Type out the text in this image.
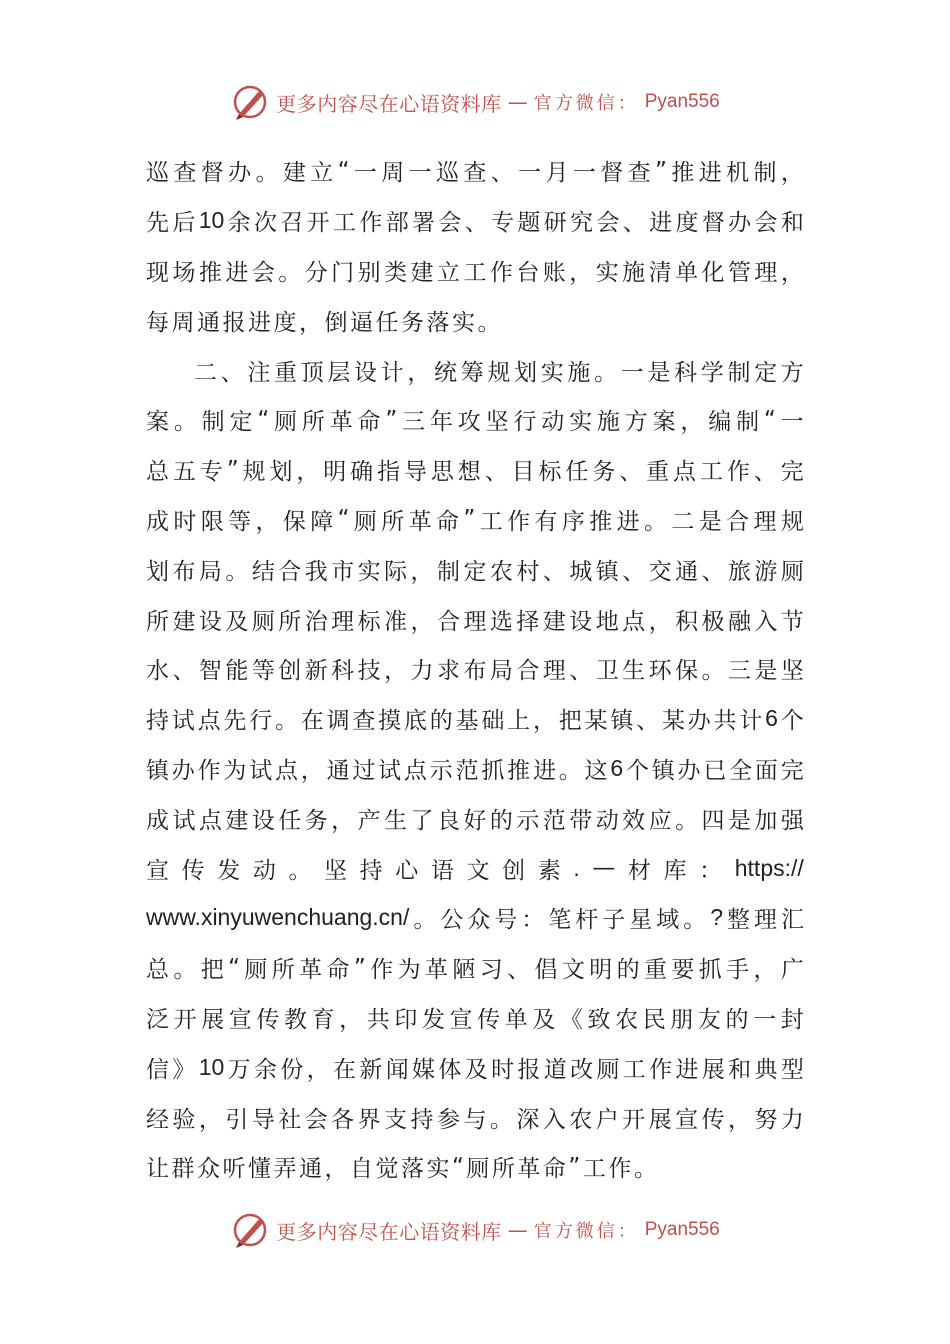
更多内容尽在心语资料库 — 官方微信： Pyan556
巡 查 督 办 。 建 立 “ 一 周 一 巡 查 、 一 月 一 督 查 ” 推 进 机 制 ，
先 后 10 余 次 召 开 工 作 部 署 会 、 专 题 研 究 会 、 进 度 督 办 会 和
现 场 推 进 会 。 分 门 别 类 建 立 工 作 台 账 ， 实 施 清 单 化 管 理 ，
每 周 通 报 进 度 ， 倒 逼 任 务 落 实 。
二 、 注 重 顶 层 设 计 ， 统 筹 规 划 实 施 。 一 是 科 学 制 定 方
案 。 制 定 “ 厕 所 革 命 ” 三 年 攻 坚 行 动 实 施 方 案 ， 编 制 “ 一
总 五 专 ” 规 划 ， 明 确 指 导 思 想 、 目 标 任 务 、 重 点 工 作 、 完
成 时 限 等 ， 保 障 “ 厕 所 革 命 ” 工 作 有 序 推 进 。 二 是 合 理 规
划 布 局 。 结 合 我 市 实 际 ， 制 定 农 村 、 城 镇 、 交 通 、 旅 游 厕
所 建 设 及 厕 所 治 理 标 准 ， 合 理 选 择 建 设 地 点 ， 积 极 融 入 节
水 、 智 能 等 创 新 科 技 ， 力 求 布 局 合 理 、 卫 生 环 保 。 三 是 坚
持 试 点 先 行 。 在 调 查 摸 底 的 基 础 上 ， 把 某 镇 、 某 办 共 计 6 个
镇 办 作 为 试 点 ， 通 过 试 点 示 范 抓 推 进 。 这 6 个 镇 办 已 全 面 完
成 试 点 建 设 任 务 ， 产 生 了 良 好 的 示 范 带 动 效 应 。 四 是 加 强
宣 传 发 动 。 坚 持 心 语 文 创 素 . — 材 库 ： https://
www.xinyuwenchuang.cn/ 。 公 众 号 ： 笔 杆 子 星 域 。 ? 整 理 汇
总 。 把 “ 厕 所 革 命 ” 作 为 革 陋 习 、 倡 文 明 的 重 要 抓 手 ， 广
泛 开 展 宣 传 教 育 ， 共 印 发 宣 传 单 及 《 致 农 民 朋 友 的 一 封
信 》 10 万 余 份 ， 在 新 闻 媒 体 及 时 报 道 改 厕 工 作 进 展 和 典 型
经 验 ， 引 导 社 会 各 界 支 持 参 与 。 深 入 农 户 开 展 宣 传 ， 努 力
让 群 众 听 懂 弄 通 ， 自 觉 落 实 “ 厕 所 革 命 ” 工 作 。
更多内容尽在心语资料库 — 官方微信： Pyan556
